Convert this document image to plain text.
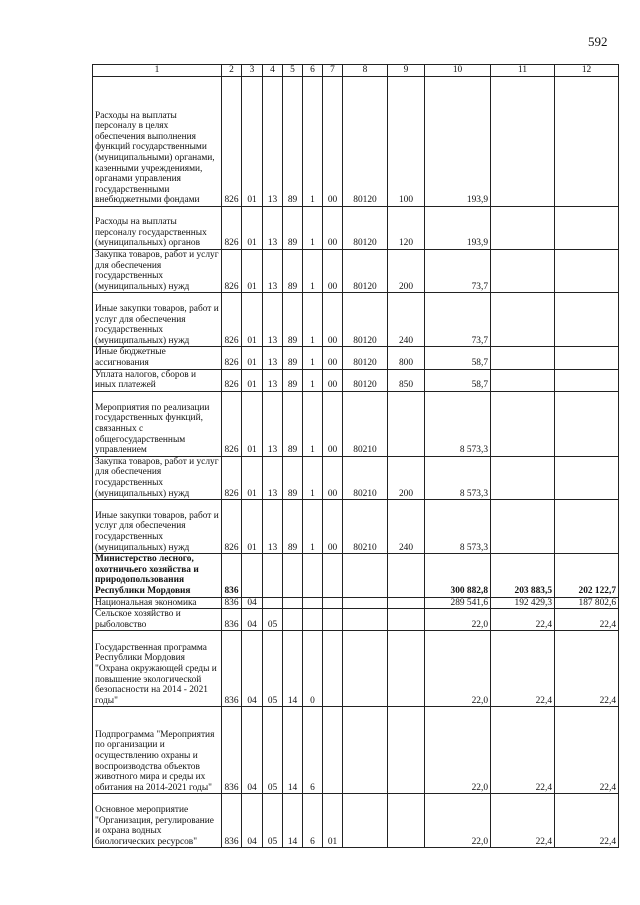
592
1	2	3	4	5	6	7	8	9	10	11	12
Расходы на выплаты персоналу в целях обеспечения выполнения функций государственными (муниципальными) органами, казенными учреждениями, органами управления государственными внебюджетными фондами	826	01	13	89	1	00	80120	100	193,9		
Расходы на выплаты персоналу государственных (муниципальных) органов	826	01	13	89	1	00	80120	120	193,9		
Закупка товаров, работ и услуг для обеспечения государственных (муниципальных) нужд	826	01	13	89	1	00	80120	200	73,7		
Иные закупки товаров, работ и услуг для обеспечения государственных (муниципальных) нужд	826	01	13	89	1	00	80120	240	73,7		
Иные бюджетные ассигнования	826	01	13	89	1	00	80120	800	58,7		
Уплата налогов, сборов и иных платежей	826	01	13	89	1	00	80120	850	58,7		
Мероприятия по реализации государственных функций, связанных с общегосударственным управлением	826	01	13	89	1	00	80210		8 573,3		
Закупка товаров, работ и услуг для обеспечения государственных (муниципальных) нужд	826	01	13	89	1	00	80210	200	8 573,3		
Иные закупки товаров, работ и услуг для обеспечения государственных (муниципальных) нужд	826	01	13	89	1	00	80210	240	8 573,3		
Министерство лесного, охотничьего хозяйства и природопользования Республики Мордовия	836								300 882,8	203 883,5	202 122,7
Национальная экономика	836	04							289 541,6	192 429,3	187 802,6
Сельское хозяйство и рыболовство	836	04	05						22,0	22,4	22,4
Государственная программа Республики Мордовия "Охрана окружающей среды и повышение экологической безопасности на 2014 - 2021 годы"	836	04	05	14	0				22,0	22,4	22,4
Подпрограмма "Мероприятия по организации и осуществлению охраны и воспроизводства объектов животного мира и среды их обитания на 2014-2021 годы"	836	04	05	14	6				22,0	22,4	22,4
Основное мероприятие "Организация, регулирование и охрана водных биологических ресурсов"	836	04	05	14	6	01			22,0	22,4	22,4
